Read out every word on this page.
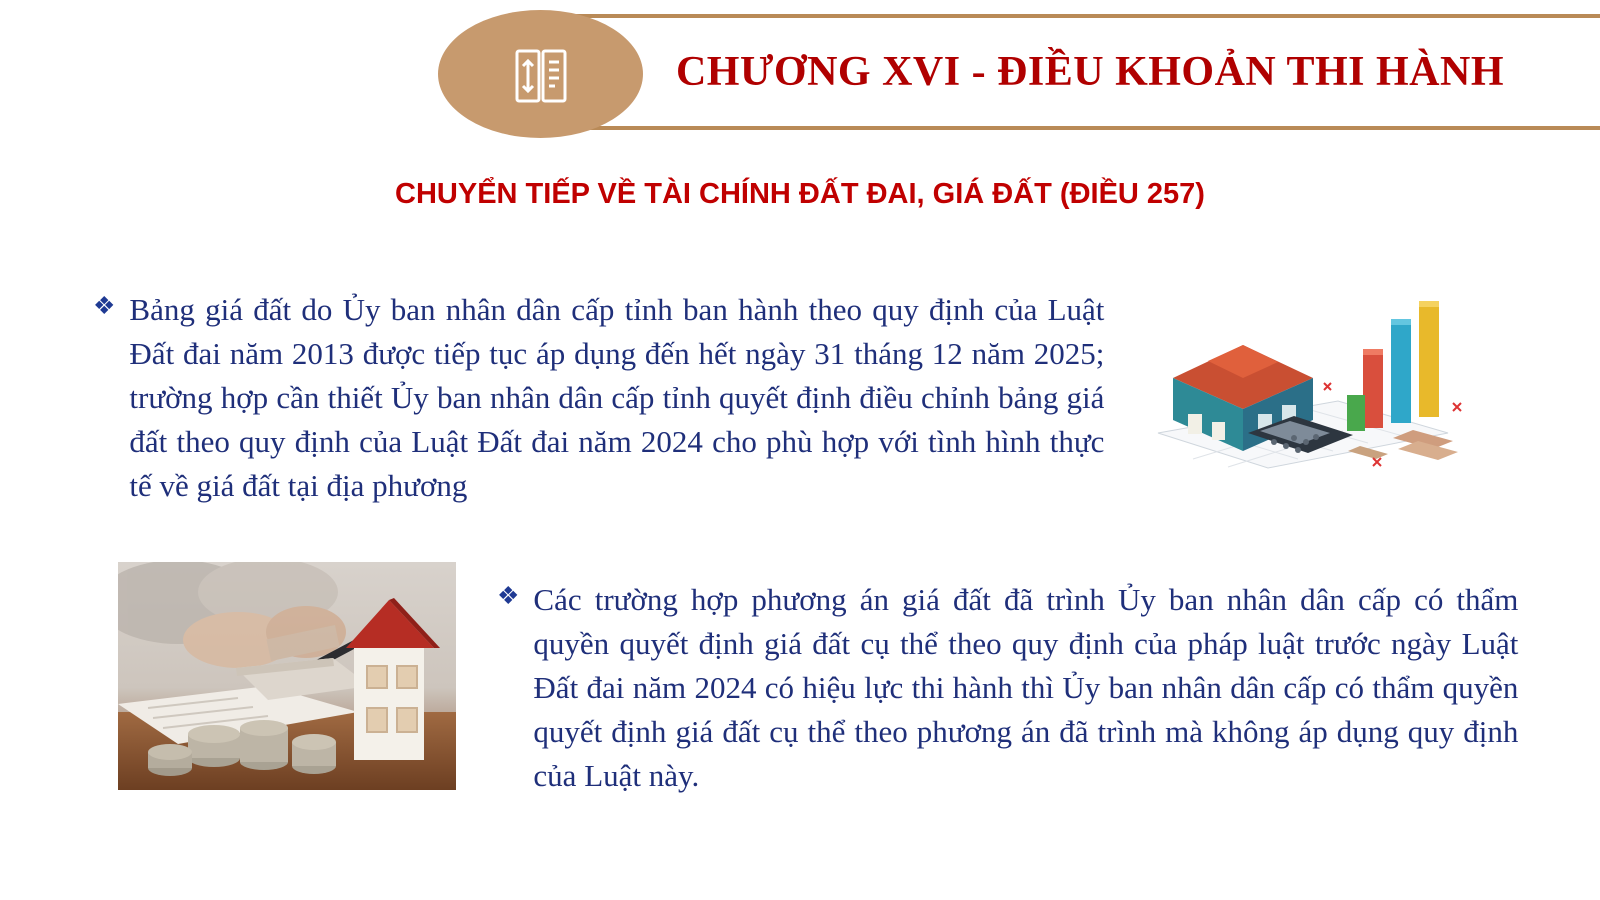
CHƯƠNG XVI - ĐIỀU KHOẢN THI HÀNH
CHUYỂN TIẾP VỀ TÀI CHÍNH ĐẤT ĐAI, GIÁ ĐẤT (ĐIỀU 257)
❖ Bảng giá đất do Ủy ban nhân dân cấp tỉnh ban hành theo quy định của Luật Đất đai năm 2013 được tiếp tục áp dụng đến hết ngày 31 tháng 12 năm 2025; trường hợp cần thiết Ủy ban nhân dân cấp tỉnh quyết định điều chỉnh bảng giá đất theo quy định của Luật Đất đai năm 2024 cho phù hợp với tình hình thực tế về giá đất tại địa phương
❖ Các trường hợp phương án giá đất đã trình Ủy ban nhân dân cấp có thẩm quyền quyết định giá đất cụ thể theo quy định của pháp luật trước ngày Luật Đất đai năm 2024 có hiệu lực thi hành thì Ủy ban nhân dân cấp có thẩm quyền quyết định giá đất cụ thể theo phương án đã trình mà không áp dụng quy định của Luật này.
